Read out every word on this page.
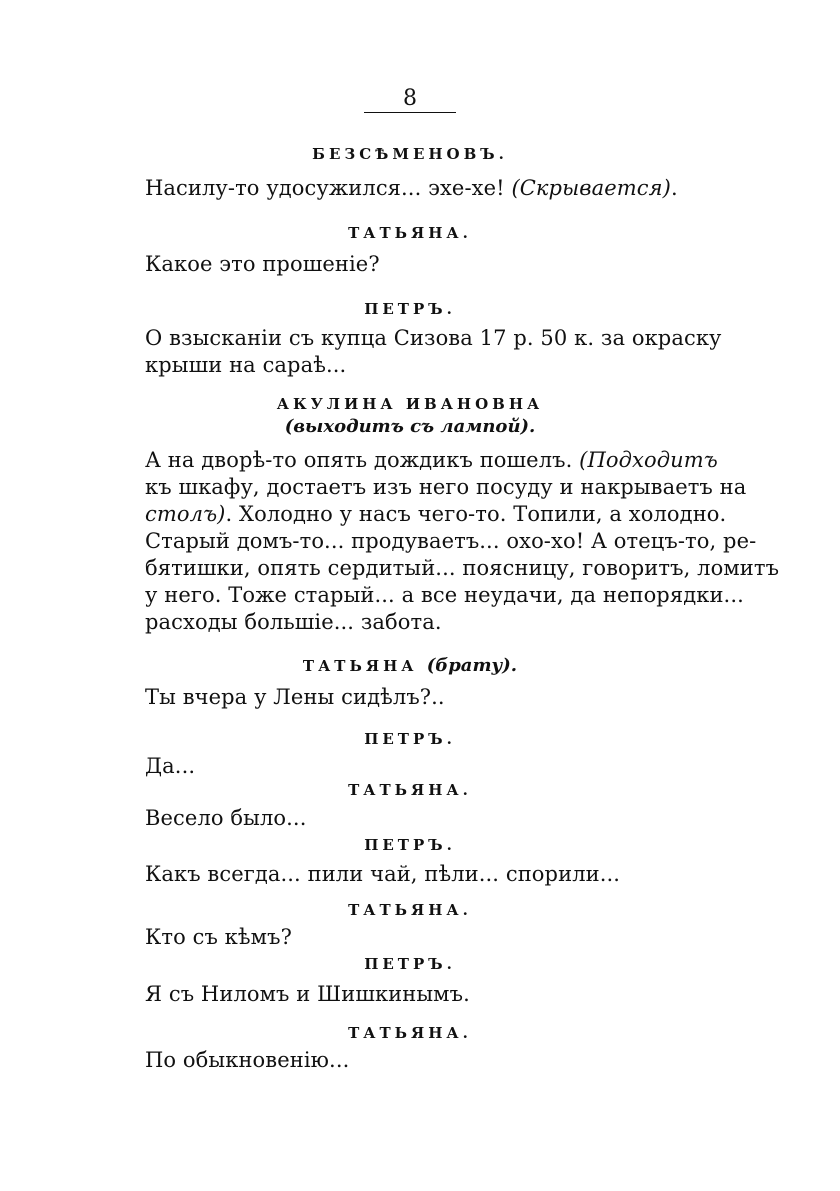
8
БЕЗСѢМЕНОВЪ.
Насилу-то удосужился... эхе-хе! (Скрывается).
ТАТЬЯНА.
Какое это прошеніе?
ПЕТРЪ.
О взысканіи съ купца Сизова 17 р. 50 к. за окраску
крыши на сараѣ...
АКУЛИНА ИВАНОВНА
(выходитъ съ лампой).
А на дворѣ-то опять дождикъ пошелъ. (Подходитъ
къ шкафу, достаетъ изъ него посуду и накрываетъ на
столъ). Холодно у насъ чего-то. Топили, а холодно.
Старый домъ-то... продуваетъ... охо-хо! А отецъ-то, ре-
бятишки, опять сердитый... поясницу, говоритъ, ломитъ
у него. Тоже старый... а все неудачи, да непорядки...
расходы большіе... забота.
ТАТЬЯНА (брату).
Ты вчера у Лены сидѣлъ?..
ПЕТРЪ.
Да...
ТАТЬЯНА.
Весело было...
ПЕТРЪ.
Какъ всегда... пили чай, пѣли... спорили...
ТАТЬЯНА.
Кто съ кѣмъ?
ПЕТРЪ.
Я съ Ниломъ и Шишкинымъ.
ТАТЬЯНА.
По обыкновенію...
